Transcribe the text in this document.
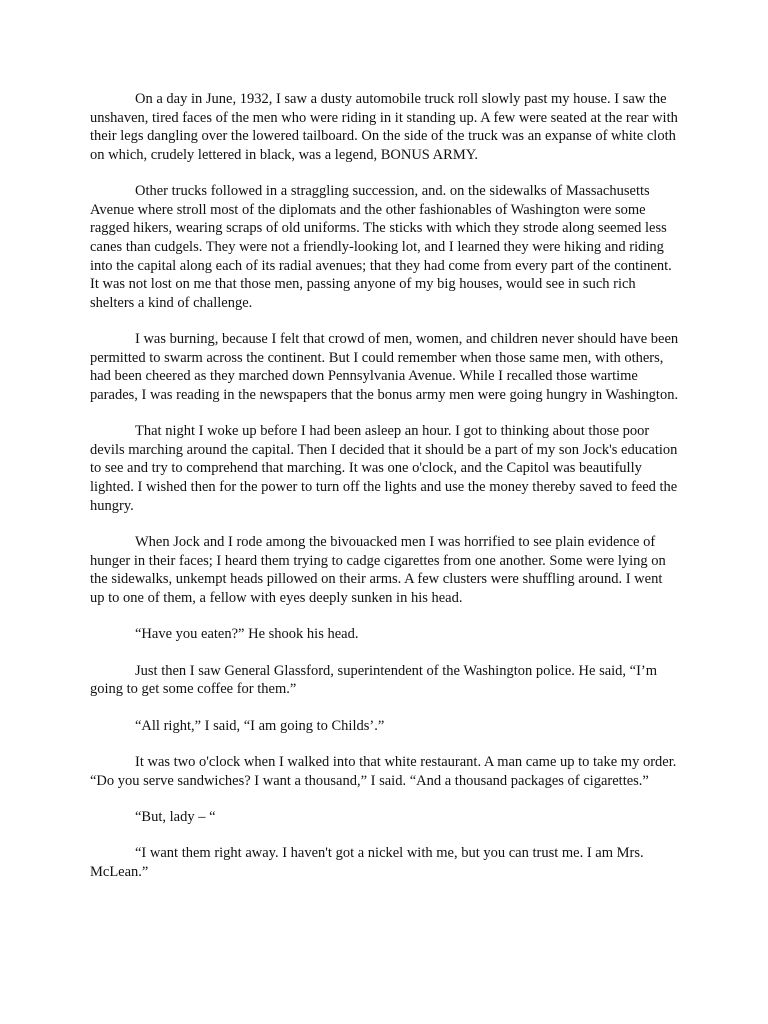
On a day in June, 1932, I saw a dusty automobile truck roll slowly past my house. I saw the unshaven, tired faces of the men who were riding in it standing up. A few were seated at the rear with their legs dangling over the lowered tailboard. On the side of the truck was an expanse of white cloth on which, crudely lettered in black, was a legend, BONUS ARMY.

Other trucks followed in a straggling succession, and. on the sidewalks of Massachusetts Avenue where stroll most of the diplomats and the other fashionables of Washington were some ragged hikers, wearing scraps of old uniforms. The sticks with which they strode along seemed less canes than cudgels. They were not a friendly-looking lot, and I learned they were hiking and riding into the capital along each of its radial avenues; that they had come from every part of the continent. It was not lost on me that those men, passing anyone of my big houses, would see in such rich shelters a kind of challenge.

I was burning, because I felt that crowd of men, women, and children never should have been permitted to swarm across the continent. But I could remember when those same men, with others, had been cheered as they marched down Pennsylvania Avenue. While I recalled those wartime parades, I was reading in the newspapers that the bonus army men were going hungry in Washington.

That night I woke up before I had been asleep an hour. I got to thinking about those poor devils marching around the capital. Then I decided that it should be a part of my son Jock's education to see and try to comprehend that marching. It was one o'clock, and the Capitol was beautifully lighted. I wished then for the power to turn off the lights and use the money thereby saved to feed the hungry.

When Jock and I rode among the bivouacked men I was horrified to see plain evidence of hunger in their faces; I heard them trying to cadge cigarettes from one another. Some were lying on the sidewalks, unkempt heads pillowed on their arms. A few clusters were shuffling around. I went up to one of them, a fellow with eyes deeply sunken in his head.

“Have you eaten?” He shook his head.

Just then I saw General Glassford, superintendent of the Washington police. He said, “I’m going to get some coffee for them.”

“All right,” I said, “I am going to Childs’.”

It was two o'clock when I walked into that white restaurant. A man came up to take my order. “Do you serve sandwiches? I want a thousand,” I said. “And a thousand packages of cigarettes.”

“But, lady – “

“I want them right away. I haven't got a nickel with me, but you can trust me. I am Mrs. McLean.”
